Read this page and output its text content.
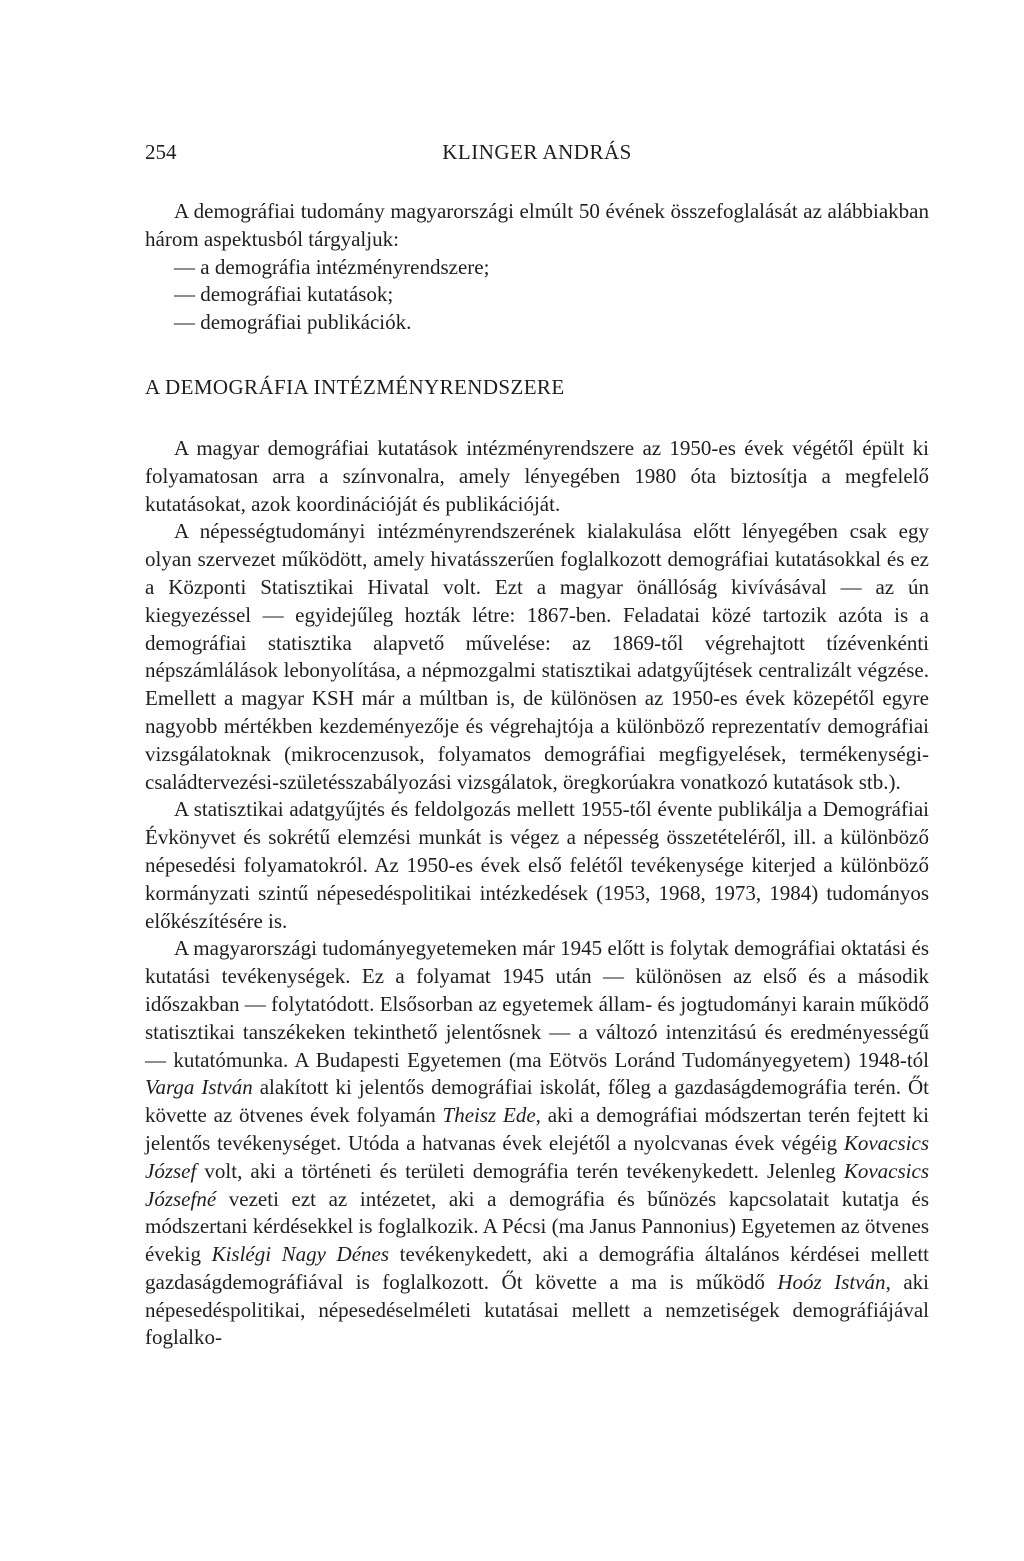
254	KLINGER ANDRÁS

A demográfiai tudomány magyarországi elmúlt 50 évének összefoglalását az alábbiakban három aspektusból tárgyaljuk:

— a demográfia intézményrendszere;
— demográfiai kutatások;
— demográfiai publikációk.
A DEMOGRÁFIA INTÉZMÉNYRENDSZERE

A magyar demográfiai kutatások intézményrendszere az 1950-es évek végétől épült ki folyamatosan arra a színvonalra, amely lényegében 1980 óta biztosítja a megfelelő kutatásokat, azok koordinációját és publikációját.

A népességtudományi intézményrendszerének kialakulása előtt lényegében csak egy olyan szervezet működött, amely hivatásszerűen foglalkozott demográfiai kutatásokkal és ez a Központi Statisztikai Hivatal volt. Ezt a magyar önállóság kivívásával — az ún kiegyezéssel — egyidejűleg hozták létre: 1867-ben. Feladatai közé tartozik azóta is a demográfiai statisztika alapvető művelése: az 1869-től végrehajtott tízévenkénti népszámlálások lebonyolítása, a népmozgalmi statisztikai adatgyűjtések centralizált végzése. Emellett a magyar KSH már a múltban is, de különösen az 1950-es évek közepétől egyre nagyobb mértékben kezdeményezője és végrehajtója a különböző reprezentatív demográfiai vizsgálatoknak (mikrocenzusok, folyamatos demográfiai megfigyelések, termékenységi-családtervezési-születésszabályozási vizsgálatok, öregkorúakra vonatkozó kutatások stb.).

A statisztikai adatgyűjtés és feldolgozás mellett 1955-től évente publikálja a Demográfiai Évkönyvet és sokrétű elemzési munkát is végez a népesség összetételéről, ill. a különböző népesedési folyamatokról. Az 1950-es évek első felétől tevékenysége kiterjed a különböző kormányzati szintű népesedéspolitikai intézkedések (1953, 1968, 1973, 1984) tudományos előkészítésére is.

A magyarországi tudományegyetemeken már 1945 előtt is folytak demográfiai oktatási és kutatási tevékenységek. Ez a folyamat 1945 után — különösen az első és a második időszakban — folytatódott. Elsősorban az egyetemek állam- és jogtudományi karain működő statisztikai tanszékeken tekinthető jelentősnek — a változó intenzitású és eredményességű — kutatómunka. A Budapesti Egyetemen (ma Eötvös Loránd Tudományegyetem) 1948-tól Varga István alakított ki jelentős demográfiai iskolát, főleg a gazdaságdemográfia terén. Őt követte az ötvenes évek folyamán Theisz Ede, aki a demográfiai módszertan terén fejtett ki jelentős tevékenységet. Utóda a hatvanas évek elejétől a nyolcvanas évek végéig Kovacsics József volt, aki a történeti és területi demográfia terén tevékenykedett. Jelenleg Kovacsics Józsefné vezeti ezt az intézetet, aki a demográfia és bűnözés kapcsolatait kutatja és módszertani kérdésekkel is foglalkozik. A Pécsi (ma Janus Pannonius) Egyetemen az ötvenes évekig Kislégi Nagy Dénes tevékenykedett, aki a demográfia általános kérdései mellett gazdaságdemográfiával is foglalkozott. Őt követte a ma is működő Hoóz István, aki népesedéspolitikai, népesedéselméleti kutatásai mellett a nemzetiségek demográfiájával foglalko-
